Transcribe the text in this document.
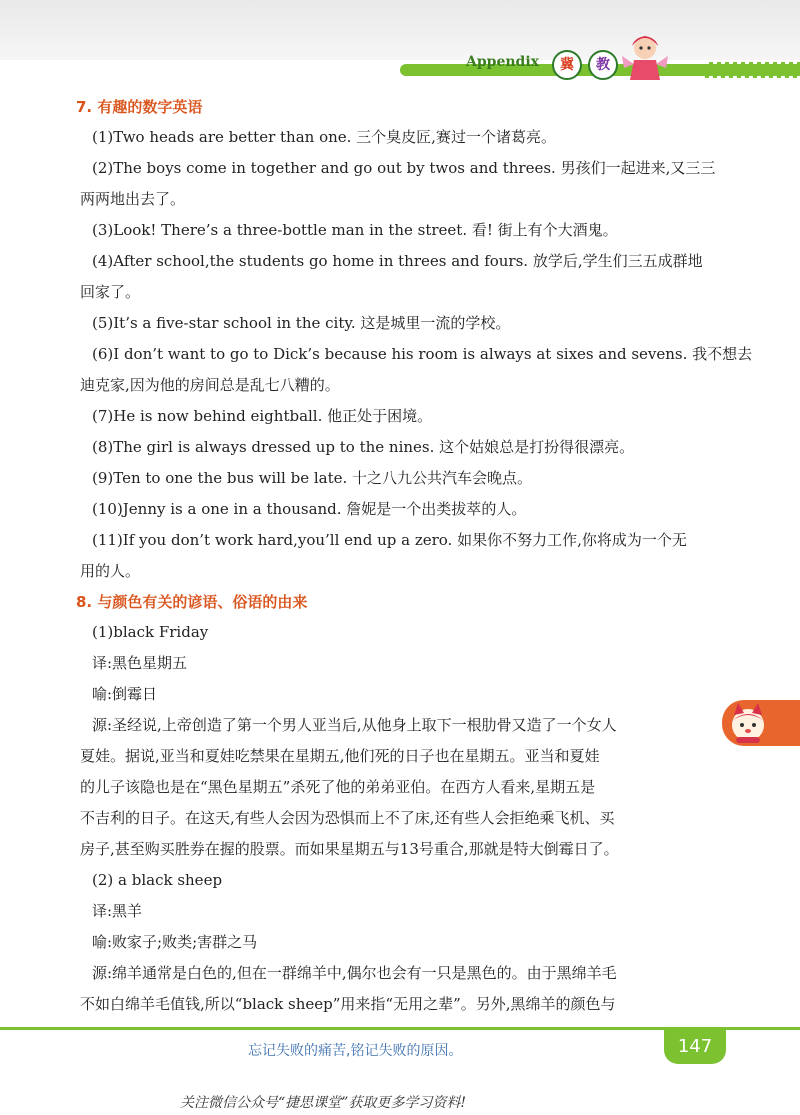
Appendix	冀	教
7. 有趣的数字英语
(1)Two heads are better than one. 三个臭皮匠,赛过一个诸葛亮。
(2)The boys come in together and go out by twos and threes. 男孩们一起进来,又三三
两两地出去了。
(3)Look! There’s a three-bottle man in the street. 看! 街上有个大酒鬼。
(4)After school,the students go home in threes and fours. 放学后,学生们三五成群地
回家了。
(5)It’s a five-star school in the city. 这是城里一流的学校。
(6)I don’t want to go to Dick’s because his room is always at sixes and sevens. 我不想去
迪克家,因为他的房间总是乱七八糟的。
(7)He is now behind eightball. 他正处于困境。
(8)The girl is always dressed up to the nines. 这个姑娘总是打扮得很漂亮。
(9)Ten to one the bus will be late. 十之八九公共汽车会晚点。
(10)Jenny is a one in a thousand. 詹妮是一个出类拔萃的人。
(11)If you don’t work hard,you’ll end up a zero. 如果你不努力工作,你将成为一个无
用的人。
8. 与颜色有关的谚语、俗语的由来
(1)black Friday
译:黑色星期五
喻:倒霉日
源:圣经说,上帝创造了第一个男人亚当后,从他身上取下一根肋骨又造了一个女人
夏娃。据说,亚当和夏娃吃禁果在星期五,他们死的日子也在星期五。亚当和夏娃
的儿子该隐也是在“黑色星期五”杀死了他的弟弟亚伯。在西方人看来,星期五是
不吉利的日子。在这天,有些人会因为恐惧而上不了床,还有些人会拒绝乘飞机、买
房子,甚至购买胜券在握的股票。而如果星期五与13号重合,那就是特大倒霉日了。
(2) a black sheep
译:黑羊
喻:败家子;败类;害群之马
源:绵羊通常是白色的,但在一群绵羊中,偶尔也会有一只是黑色的。由于黑绵羊毛
不如白绵羊毛值钱,所以“black sheep”用来指“无用之辈”。另外,黑绵羊的颜色与
忘记失败的痛苦,铭记失败的原因。	147
关注微信公众号“捷思课堂”获取更多学习资料!
